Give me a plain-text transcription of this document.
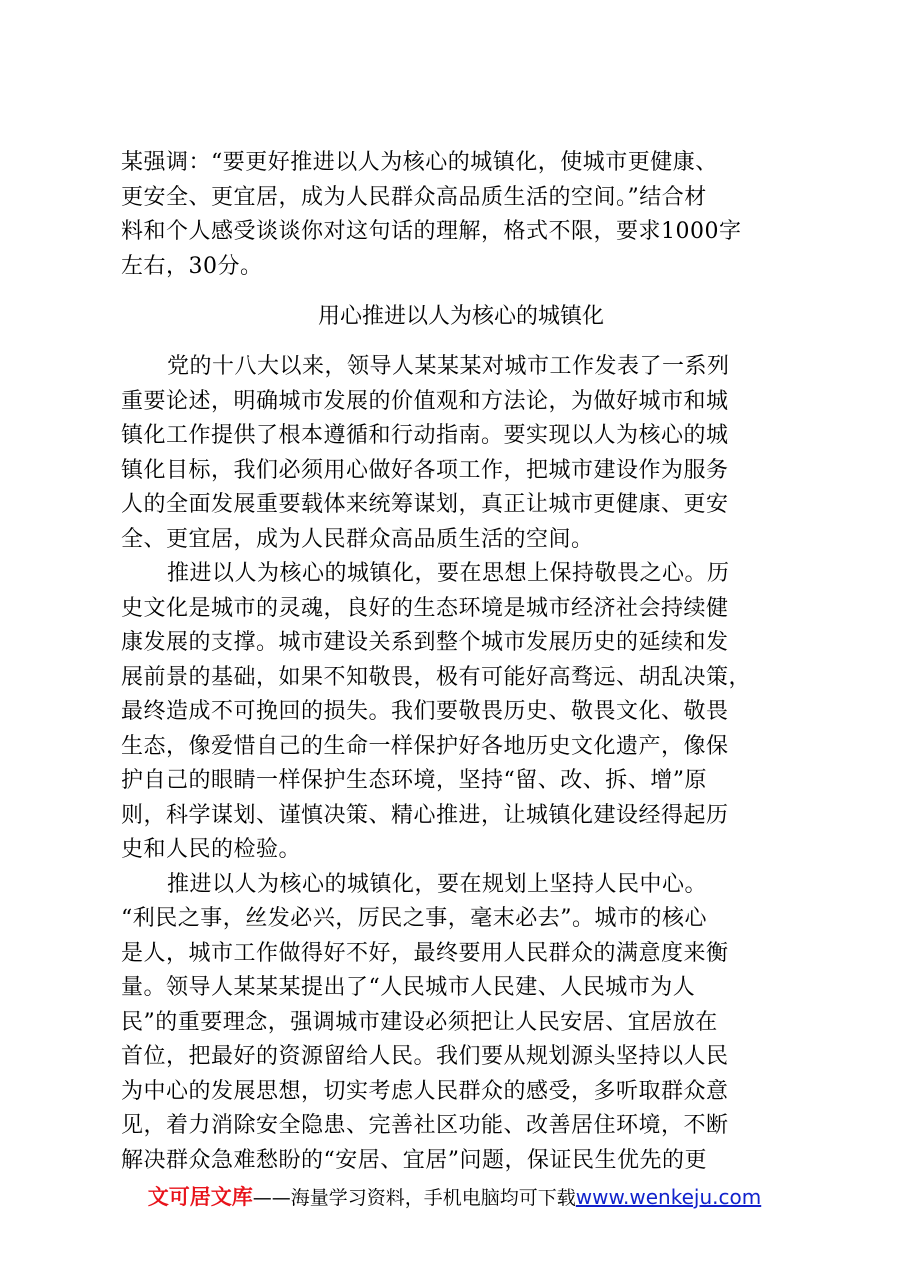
某强调：“要更好推进以人为核心的城镇化，使城市更健康、
更安全、更宜居，成为人民群众高品质生活的空间。”结合材
料和个人感受谈谈你对这句话的理解，格式不限，要求1000字
左右，30分。
用心推进以人为核心的城镇化
党的十八大以来，领导人某某某对城市工作发表了一系列
重要论述，明确城市发展的价值观和方法论，为做好城市和城
镇化工作提供了根本遵循和行动指南。要实现以人为核心的城
镇化目标，我们必须用心做好各项工作，把城市建设作为服务
人的全面发展重要载体来统筹谋划，真正让城市更健康、更安
全、更宜居，成为人民群众高品质生活的空间。
推进以人为核心的城镇化，要在思想上保持敬畏之心。历
史文化是城市的灵魂，良好的生态环境是城市经济社会持续健
康发展的支撑。城市建设关系到整个城市发展历史的延续和发
展前景的基础，如果不知敬畏，极有可能好高骛远、胡乱决策，
最终造成不可挽回的损失。我们要敬畏历史、敬畏文化、敬畏
生态，像爱惜自己的生命一样保护好各地历史文化遗产，像保
护自己的眼睛一样保护生态环境，坚持“留、改、拆、增”原
则，科学谋划、谨慎决策、精心推进，让城镇化建设经得起历
史和人民的检验。
推进以人为核心的城镇化，要在规划上坚持人民中心。
“利民之事，丝发必兴，厉民之事，毫末必去”。城市的核心
是人，城市工作做得好不好，最终要用人民群众的满意度来衡
量。领导人某某某提出了“人民城市人民建、人民城市为人
民”的重要理念，强调城市建设必须把让人民安居、宜居放在
首位，把最好的资源留给人民。我们要从规划源头坚持以人民
为中心的发展思想，切实考虑人民群众的感受，多听取群众意
见，着力消除安全隐患、完善社区功能、改善居住环境，不断
解决群众急难愁盼的“安居、宜居”问题，保证民生优先的更
文可居文库——海量学习资料，手机电脑均可下载www.wenkeju.com
